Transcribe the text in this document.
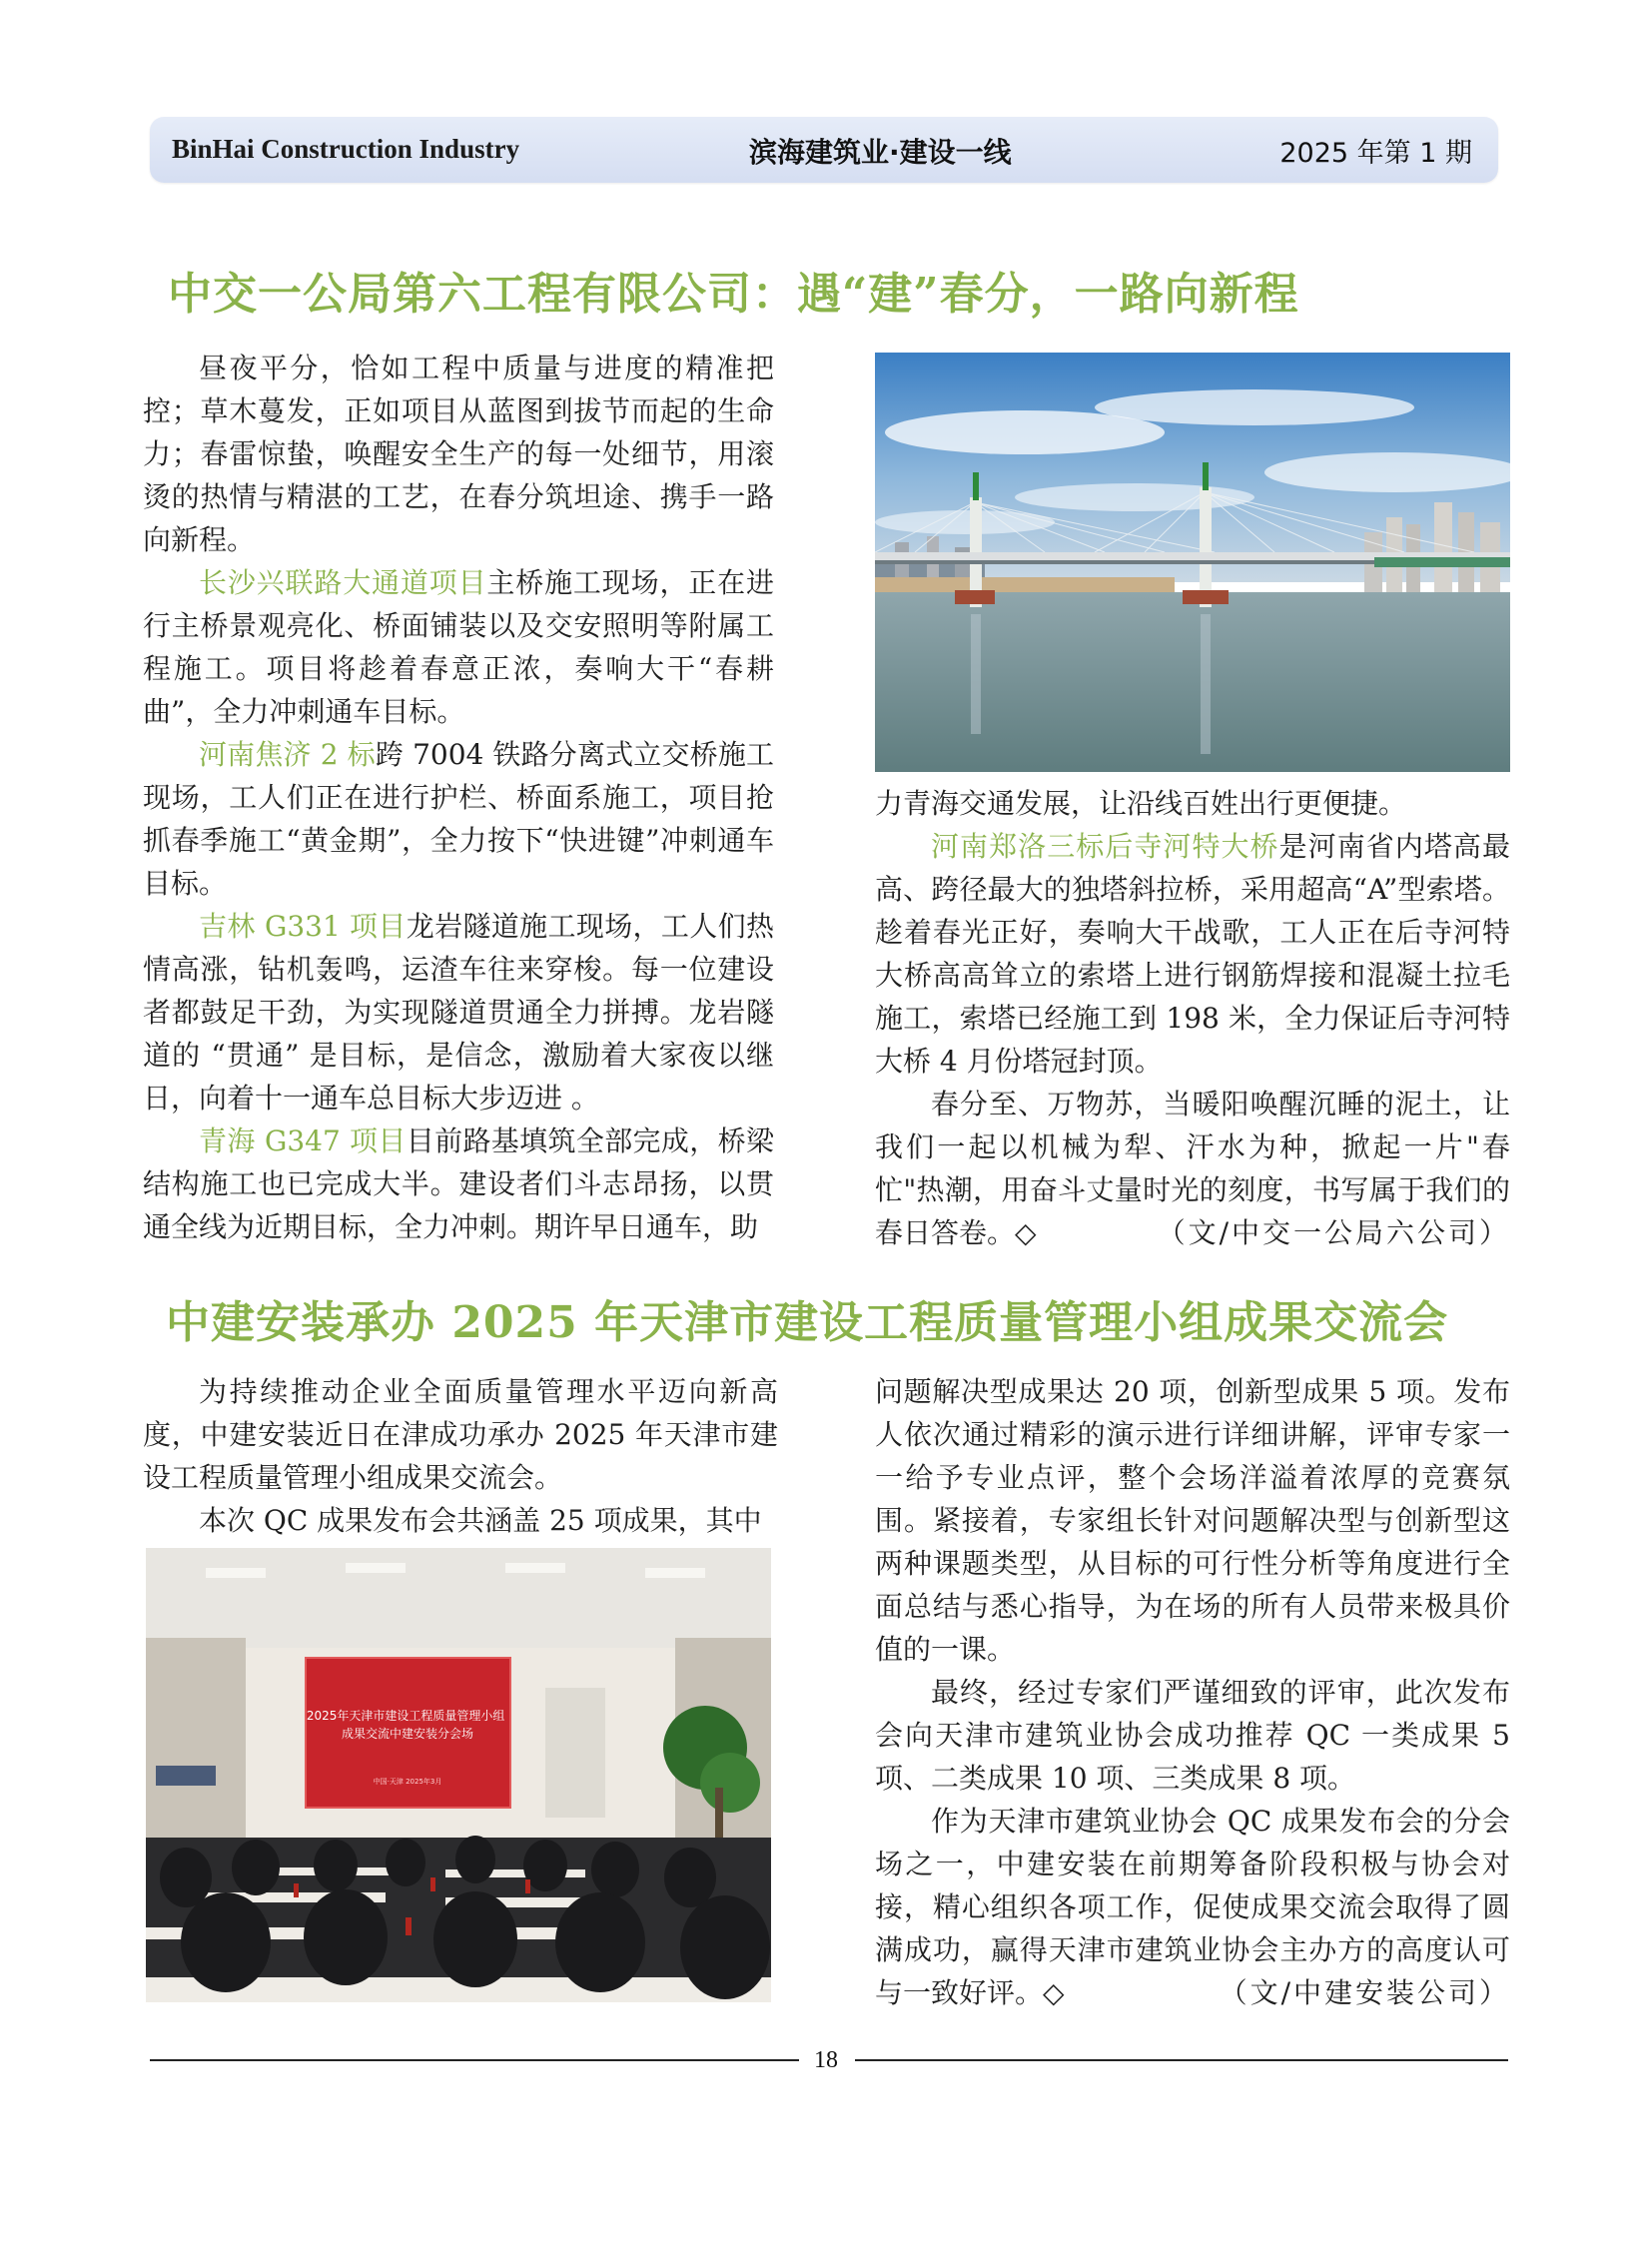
BinHai Construction Industry	滨海建筑业·建设一线	2025 年第 1 期
中交一公局第六工程有限公司：遇“建”春分，一路向新程

昼夜平分，恰如工程中质量与进度的精准把控；草木蔓发，正如项目从蓝图到拔节而起的生命力；春雷惊蛰，唤醒安全生产的每一处细节，用滚烫的热情与精湛的工艺，在春分筑坦途、携手一路向新程。

长沙兴联路大通道项目主桥施工现场，正在进行主桥景观亮化、桥面铺装以及交安照明等附属工程施工。项目将趁着春意正浓，奏响大干“春耕曲”，全力冲刺通车目标。

河南焦济 2 标跨 7004 铁路分离式立交桥施工现场，工人们正在进行护栏、桥面系施工，项目抢抓春季施工“黄金期”，全力按下“快进键”冲刺通车目标。

吉林 G331 项目龙岩隧道施工现场，工人们热情高涨，钻机轰鸣，运渣车往来穿梭。每一位建设者都鼓足干劲，为实现隧道贯通全力拼搏。龙岩隧道的 “贯通” 是目标，是信念，激励着大家夜以继日，向着十一通车总目标大步迈进 。

青海 G347 项目目前路基填筑全部完成，桥梁结构施工也已完成大半。建设者们斗志昂扬，以贯通全线为近期目标，全力冲刺。期许早日通车，助

力青海交通发展，让沿线百姓出行更便捷。

河南郑洛三标后寺河特大桥是河南省内塔高最高、跨径最大的独塔斜拉桥，采用超高“A”型索塔。趁着春光正好，奏响大干战歌，工人正在后寺河特大桥高高耸立的索塔上进行钢筋焊接和混凝土拉毛施工，索塔已经施工到 198 米，全力保证后寺河特大桥 4 月份塔冠封顶。

春分至、万物苏，当暖阳唤醒沉睡的泥土，让我们一起以机械为犁、汗水为种，掀起一片"春忙"热潮，用奋斗丈量时光的刻度，书写属于我们的春日答卷。◇	（文/中交一公局六公司）

中建安装承办 2025 年天津市建设工程质量管理小组成果交流会

为持续推动企业全面质量管理水平迈向新高度，中建安装近日在津成功承办 2025 年天津市建设工程质量管理小组成果交流会。

本次 QC 成果发布会共涵盖 25 项成果，其中

2025年天津市建设工程质量管理小组 成果交流中建安装分会场
中国·天津 2025年3月

问题解决型成果达 20 项，创新型成果 5 项。发布人依次通过精彩的演示进行详细讲解，评审专家一一给予专业点评，整个会场洋溢着浓厚的竞赛氛围。紧接着，专家组长针对问题解决型与创新型这两种课题类型，从目标的可行性分析等角度进行全面总结与悉心指导，为在场的所有人员带来极具价值的一课。

最终，经过专家们严谨细致的评审，此次发布会向天津市建筑业协会成功推荐 QC 一类成果 5 项、二类成果 10 项、三类成果 8 项。

作为天津市建筑业协会 QC 成果发布会的分会场之一，中建安装在前期筹备阶段积极与协会对接，精心组织各项工作，促使成果交流会取得了圆满成功，赢得天津市建筑业协会主办方的高度认可与一致好评。◇	（文/中建安装公司）

18
